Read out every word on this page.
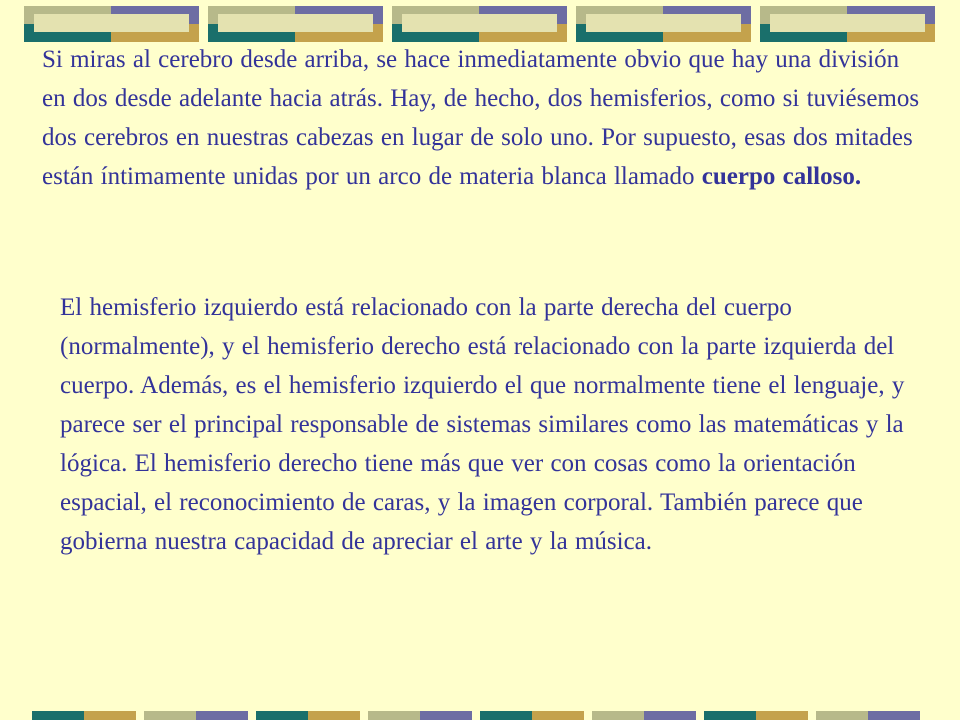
Si miras al cerebro desde arriba, se hace inmediatamente obvio que hay una división en dos desde adelante hacia atrás. Hay, de hecho, dos hemisferios, como si tuviésemos dos cerebros en nuestras cabezas en lugar de solo uno. Por supuesto, esas dos mitades están íntimamente unidas por un arco de materia blanca llamado cuerpo calloso.

El hemisferio izquierdo está relacionado con la parte derecha del cuerpo (normalmente), y el hemisferio derecho está relacionado con la parte izquierda del cuerpo. Además, es el hemisferio izquierdo el que normalmente tiene el lenguaje, y parece ser el principal responsable de sistemas similares como las matemáticas y la lógica. El hemisferio derecho tiene más que ver con cosas como la orientación espacial, el reconocimiento de caras, y la imagen corporal. También parece que gobierna nuestra capacidad de apreciar el arte y la música.
